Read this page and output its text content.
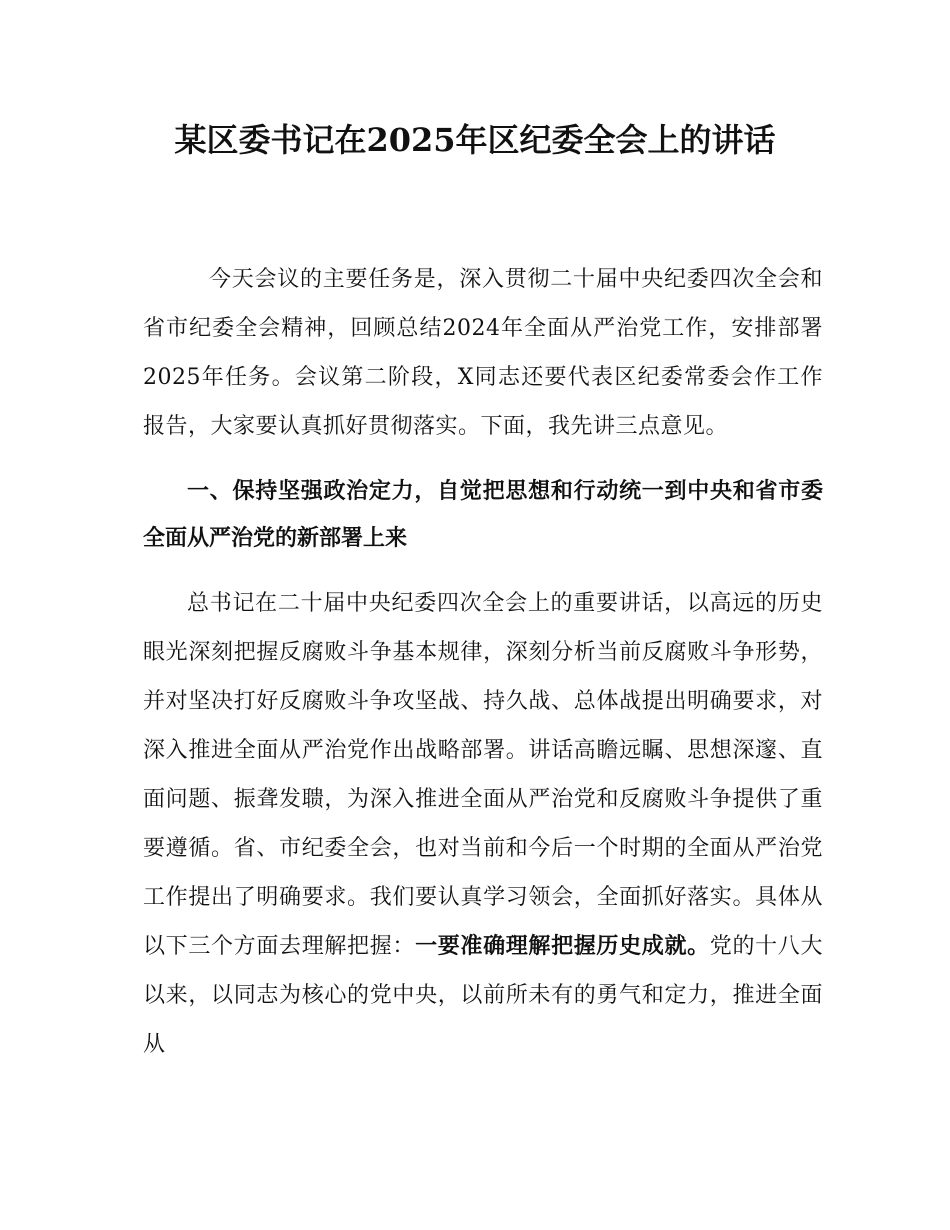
某区委书记在2025年区纪委全会上的讲话

今天会议的主要任务是，深入贯彻二十届中央纪委四次全会和省市纪委全会精神，回顾总结2024年全面从严治党工作，安排部署2025年任务。会议第二阶段，X同志还要代表区纪委常委会作工作报告，大家要认真抓好贯彻落实。下面，我先讲三点意见。

一、保持坚强政治定力，自觉把思想和行动统一到中央和省市委全面从严治党的新部署上来

总书记在二十届中央纪委四次全会上的重要讲话，以高远的历史眼光深刻把握反腐败斗争基本规律，深刻分析当前反腐败斗争形势，并对坚决打好反腐败斗争攻坚战、持久战、总体战提出明确要求，对深入推进全面从严治党作出战略部署。讲话高瞻远瞩、思想深邃、直面问题、振聋发聩，为深入推进全面从严治党和反腐败斗争提供了重要遵循。省、市纪委全会，也对当前和今后一个时期的全面从严治党工作提出了明确要求。我们要认真学习领会，全面抓好落实。具体从以下三个方面去理解把握：一要准确理解把握历史成就。党的十八大以来，以同志为核心的党中央，以前所未有的勇气和定力，推进全面从
